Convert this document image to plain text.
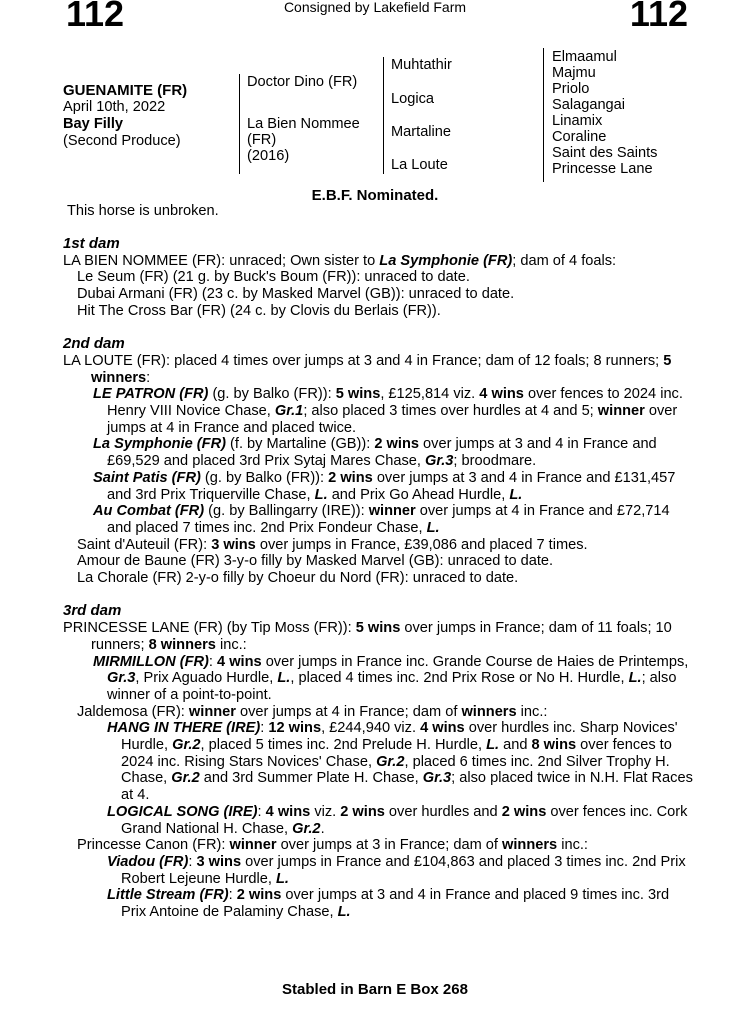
112	Consigned by Lakefield Farm	112
GUENAMITE (FR)
April 10th, 2022
Bay Filly
(Second Produce)
Doctor Dino (FR)
La Bien Nommee
(FR)
(2016)
Muhtathir
Logica
Martaline
La Loute
Elmaamul
Majmu
Priolo
Salagangai
Linamix
Coraline
Saint des Saints
Princesse Lane
E.B.F. Nominated.
This horse is unbroken.
1st dam
LA BIEN NOMMEE (FR): unraced; Own sister to La Symphonie (FR); dam of 4 foals:
Le Seum (FR) (21 g. by Buck's Boum (FR)): unraced to date.
Dubai Armani (FR) (23 c. by Masked Marvel (GB)): unraced to date.
Hit The Cross Bar (FR) (24 c. by Clovis du Berlais (FR)).
2nd dam
LA LOUTE (FR): placed 4 times over jumps at 3 and 4 in France; dam of 12 foals; 8 runners; 5 winners:
LE PATRON (FR) (g. by Balko (FR)): 5 wins, £125,814 viz. 4 wins over fences to 2024 inc. Henry VIII Novice Chase, Gr.1; also placed 3 times over hurdles at 4 and 5; winner over jumps at 4 in France and placed twice.
La Symphonie (FR) (f. by Martaline (GB)): 2 wins over jumps at 3 and 4 in France and £69,529 and placed 3rd Prix Sytaj Mares Chase, Gr.3; broodmare.
Saint Patis (FR) (g. by Balko (FR)): 2 wins over jumps at 3 and 4 in France and £131,457 and 3rd Prix Triquerville Chase, L. and Prix Go Ahead Hurdle, L.
Au Combat (FR) (g. by Ballingarry (IRE)): winner over jumps at 4 in France and £72,714 and placed 7 times inc. 2nd Prix Fondeur Chase, L.
Saint d'Auteuil (FR): 3 wins over jumps in France, £39,086 and placed 7 times.
Amour de Baune (FR) 3-y-o filly by Masked Marvel (GB): unraced to date.
La Chorale (FR) 2-y-o filly by Choeur du Nord (FR): unraced to date.
3rd dam
PRINCESSE LANE (FR) (by Tip Moss (FR)): 5 wins over jumps in France; dam of 11 foals; 10 runners; 8 winners inc.:
MIRMILLON (FR): 4 wins over jumps in France inc. Grande Course de Haies de Printemps, Gr.3, Prix Aguado Hurdle, L., placed 4 times inc. 2nd Prix Rose or No H. Hurdle, L.; also winner of a point-to-point.
Jaldemosa (FR): winner over jumps at 4 in France; dam of winners inc.:
HANG IN THERE (IRE): 12 wins, £244,940 viz. 4 wins over hurdles inc. Sharp Novices' Hurdle, Gr.2, placed 5 times inc. 2nd Prelude H. Hurdle, L. and 8 wins over fences to 2024 inc. Rising Stars Novices' Chase, Gr.2, placed 6 times inc. 2nd Silver Trophy H. Chase, Gr.2 and 3rd Summer Plate H. Chase, Gr.3; also placed twice in N.H. Flat Races at 4.
LOGICAL SONG (IRE): 4 wins viz. 2 wins over hurdles and 2 wins over fences inc. Cork Grand National H. Chase, Gr.2.
Princesse Canon (FR): winner over jumps at 3 in France; dam of winners inc.:
Viadou (FR): 3 wins over jumps in France and £104,863 and placed 3 times inc. 2nd Prix Robert Lejeune Hurdle, L.
Little Stream (FR): 2 wins over jumps at 3 and 4 in France and placed 9 times inc. 3rd Prix Antoine de Palaminy Chase, L.
Stabled in Barn E Box 268
